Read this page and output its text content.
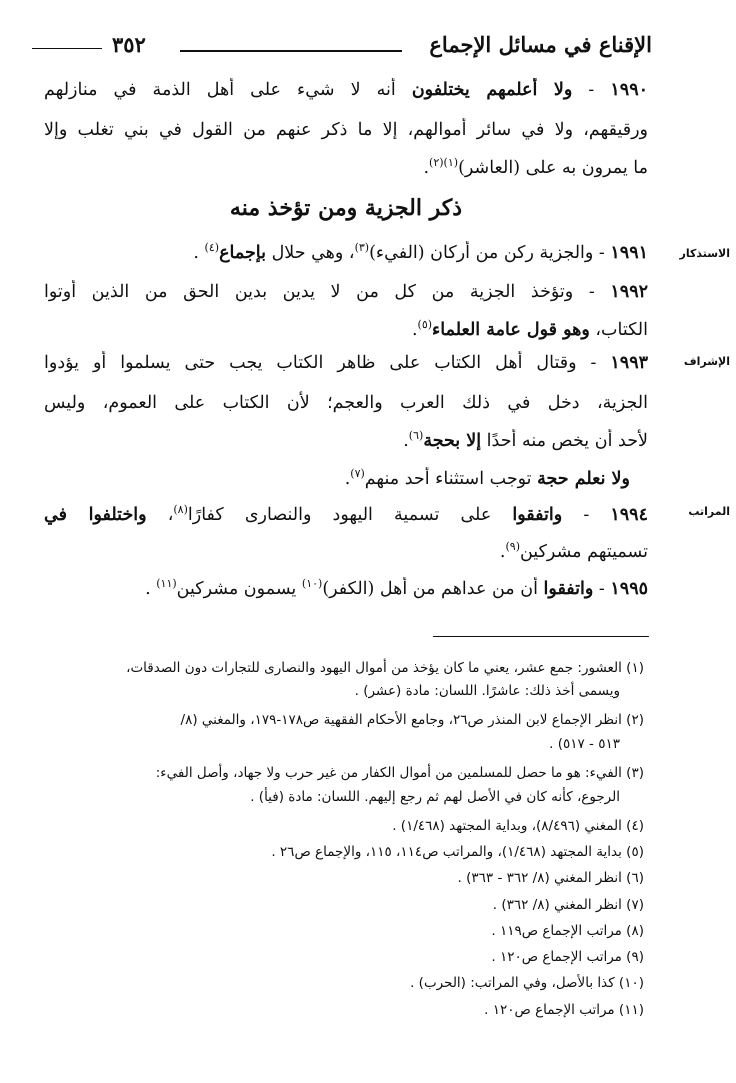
٣٥٢	الإقناع في مسائل الإجماع
١٩٩٠ - ولا أعلمهم يختلفون أنه لا شيء على أهل الذمة في منازلهم
ورقيقهم، ولا في سائر أموالهم، إلا ما ذكر عنهم من القول في بني تغلب وإلا
ما يمرون به على (العاشر)$^{(١)(٢)}$.
ذكر الجزية ومن تؤخذ منه
الاستذكار
الإشراف
المراتب
١٩٩١ - والجزية ركن من أركان (الفيء)$^{(٣)}$، وهي حلال بإجماع$^{(٤)}$ .
١٩٩٢ - وتؤخذ الجزية من كل من لا يدين بدين الحق من الذين أوتوا
الكتاب، وهو قول عامة العلماء$^{(٥)}$.
١٩٩٣ - وقتال أهل الكتاب على ظاهر الكتاب يجب حتى يسلموا أو يؤدوا
الجزية، دخل في ذلك العرب والعجم؛ لأن الكتاب على العموم، وليس
لأحد أن يخص منه أحدًا إلا بحجة$^{(٦)}$.
ولا نعلم حجة توجب استثناء أحد منهم$^{(٧)}$.
١٩٩٤ - واتفقوا على تسمية اليهود والنصارى كفارًا$^{(٨)}$، واختلفوا في
تسميتهم مشركين$^{(٩)}$.
١٩٩٥ - واتفقوا أن من عداهم من أهل (الكفر)$^{(١٠)}$ يسمون مشركين$^{(١١)}$ .
(١) العشور: جمع عشر، يعني ما كان يؤخذ من أموال اليهود والنصارى للتجارات دون الصدقات،
ويسمى أخذ ذلك: عاشرًا. اللسان: مادة (عشر) .
(٢) انظر الإجماع لابن المنذر ص٢٦، وجامع الأحكام الفقهية ص١٧٨-١٧٩، والمغني (٨/
٥١٣ - ٥١٧) .
(٣) الفيء: هو ما حصل للمسلمين من أموال الكفار من غير حرب ولا جهاد، وأصل الفيء:
الرجوع، كأنه كان في الأصل لهم ثم رجع إليهم. اللسان: مادة (فيأ) .
(٤) المغني (٨/٤٩٦)، وبداية المجتهد (١/٤٦٨) .
(٥) بداية المجتهد (١/٤٦٨)، والمراتب ص١١٤، ١١٥، والإجماع ص٢٦ .
(٦) انظر المغني (٨/ ٣٦٢ - ٣٦٣) .
(٧) انظر المغني (٨/ ٣٦٢) .
(٨) مراتب الإجماع ص١١٩ .
(٩) مراتب الإجماع ص١٢٠ .
(١٠) كذا بالأصل، وفي المراتب: (الحرب) .
(١١) مراتب الإجماع ص١٢٠ .
